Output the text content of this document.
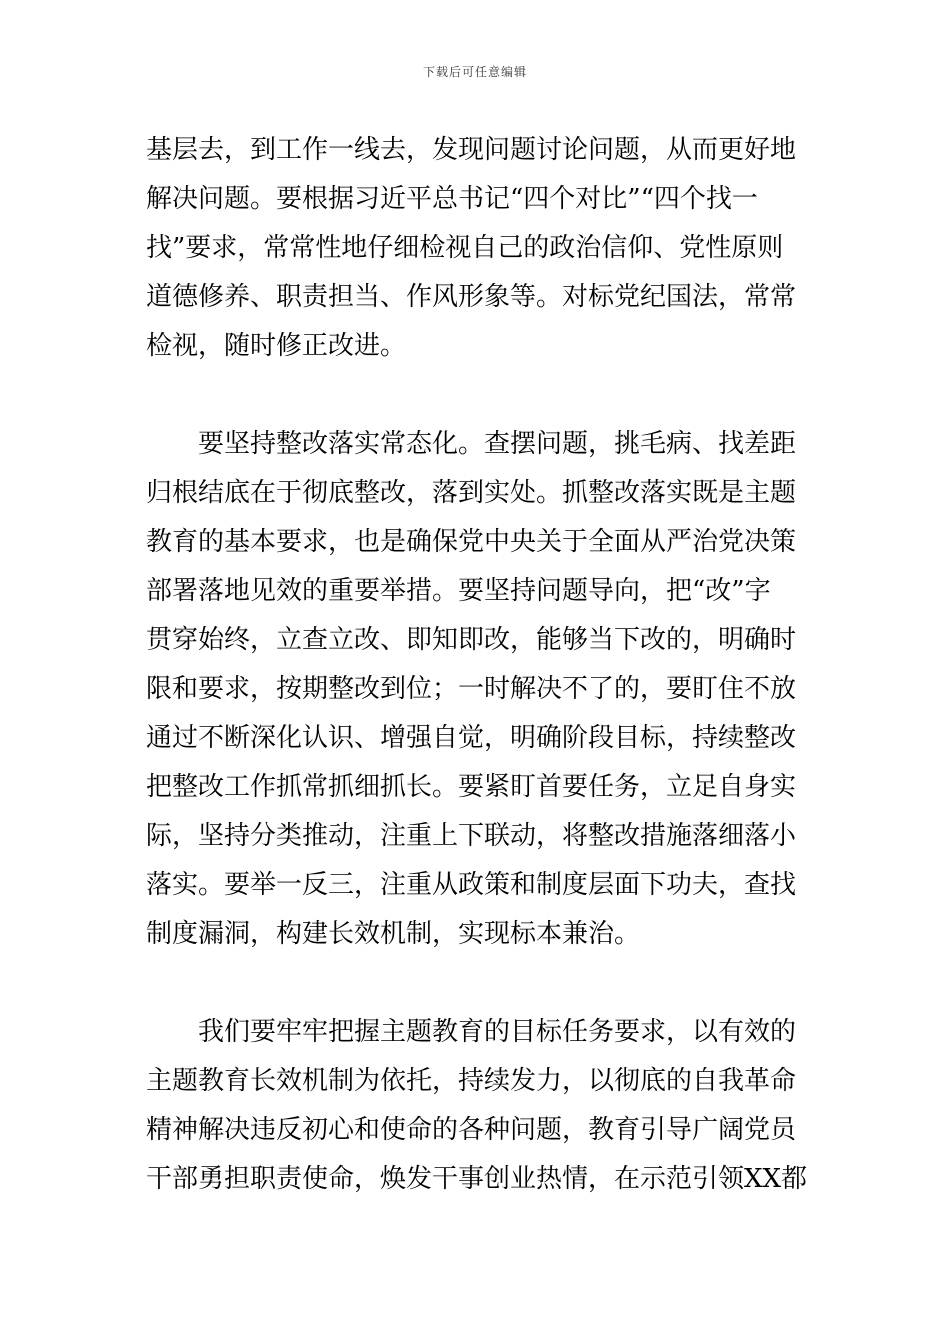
下载后可任意编辑
基层去，到工作一线去，发现问题讨论问题，从而更好地
解决问题。要根据习近平总书记“四个对比”“四个找一
找”要求，常常性地仔细检视自己的政治信仰、党性原则
道德修养、职责担当、作风形象等。对标党纪国法，常常
检视，随时修正改进。
　　要坚持整改落实常态化。查摆问题，挑毛病、找差距
归根结底在于彻底整改，落到实处。抓整改落实既是主题
教育的基本要求，也是确保党中央关于全面从严治党决策
部署落地见效的重要举措。要坚持问题导向，把“改”字
贯穿始终，立查立改、即知即改，能够当下改的，明确时
限和要求，按期整改到位；一时解决不了的，要盯住不放
通过不断深化认识、增强自觉，明确阶段目标，持续整改
把整改工作抓常抓细抓长。要紧盯首要任务，立足自身实
际，坚持分类推动，注重上下联动，将整改措施落细落小
落实。要举一反三，注重从政策和制度层面下功夫，查找
制度漏洞，构建长效机制，实现标本兼治。
　　我们要牢牢把握主题教育的目标任务要求，以有效的
主题教育长效机制为依托，持续发力，以彻底的自我革命
精神解决违反初心和使命的各种问题，教育引导广阔党员
干部勇担职责使命，焕发干事创业热情，在示范引领XX都
